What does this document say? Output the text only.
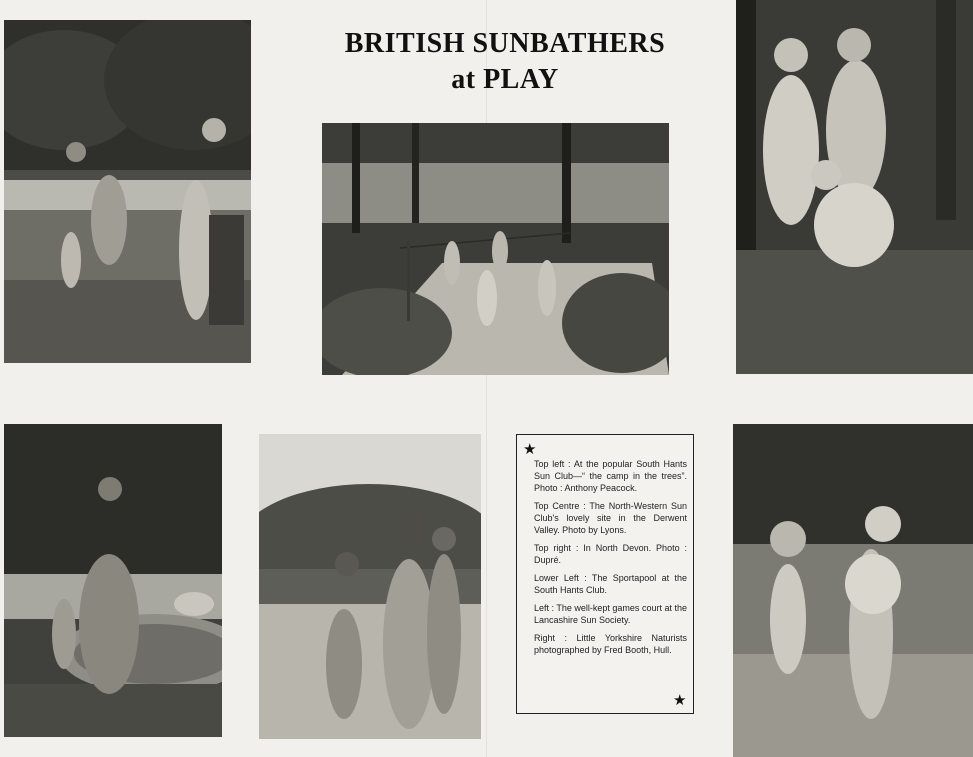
BRITISH SUNBATHERS
at PLAY
★

Top left : At the popular South Hants Sun Club—“ the camp in the trees”. Photo : Anthony Peacock.

Top Centre : The North-Western Sun Club's lovely site in the Derwent Valley. Photo by Lyons.

Top right : In North Devon. Photo : Dupré.

Lower Left : The Sportapool at the South Hants Club.

Left : The well-kept games court at the Lancashire Sun Society.

Right : Little Yorkshire Naturists photographed by Fred Booth, Hull.

★
